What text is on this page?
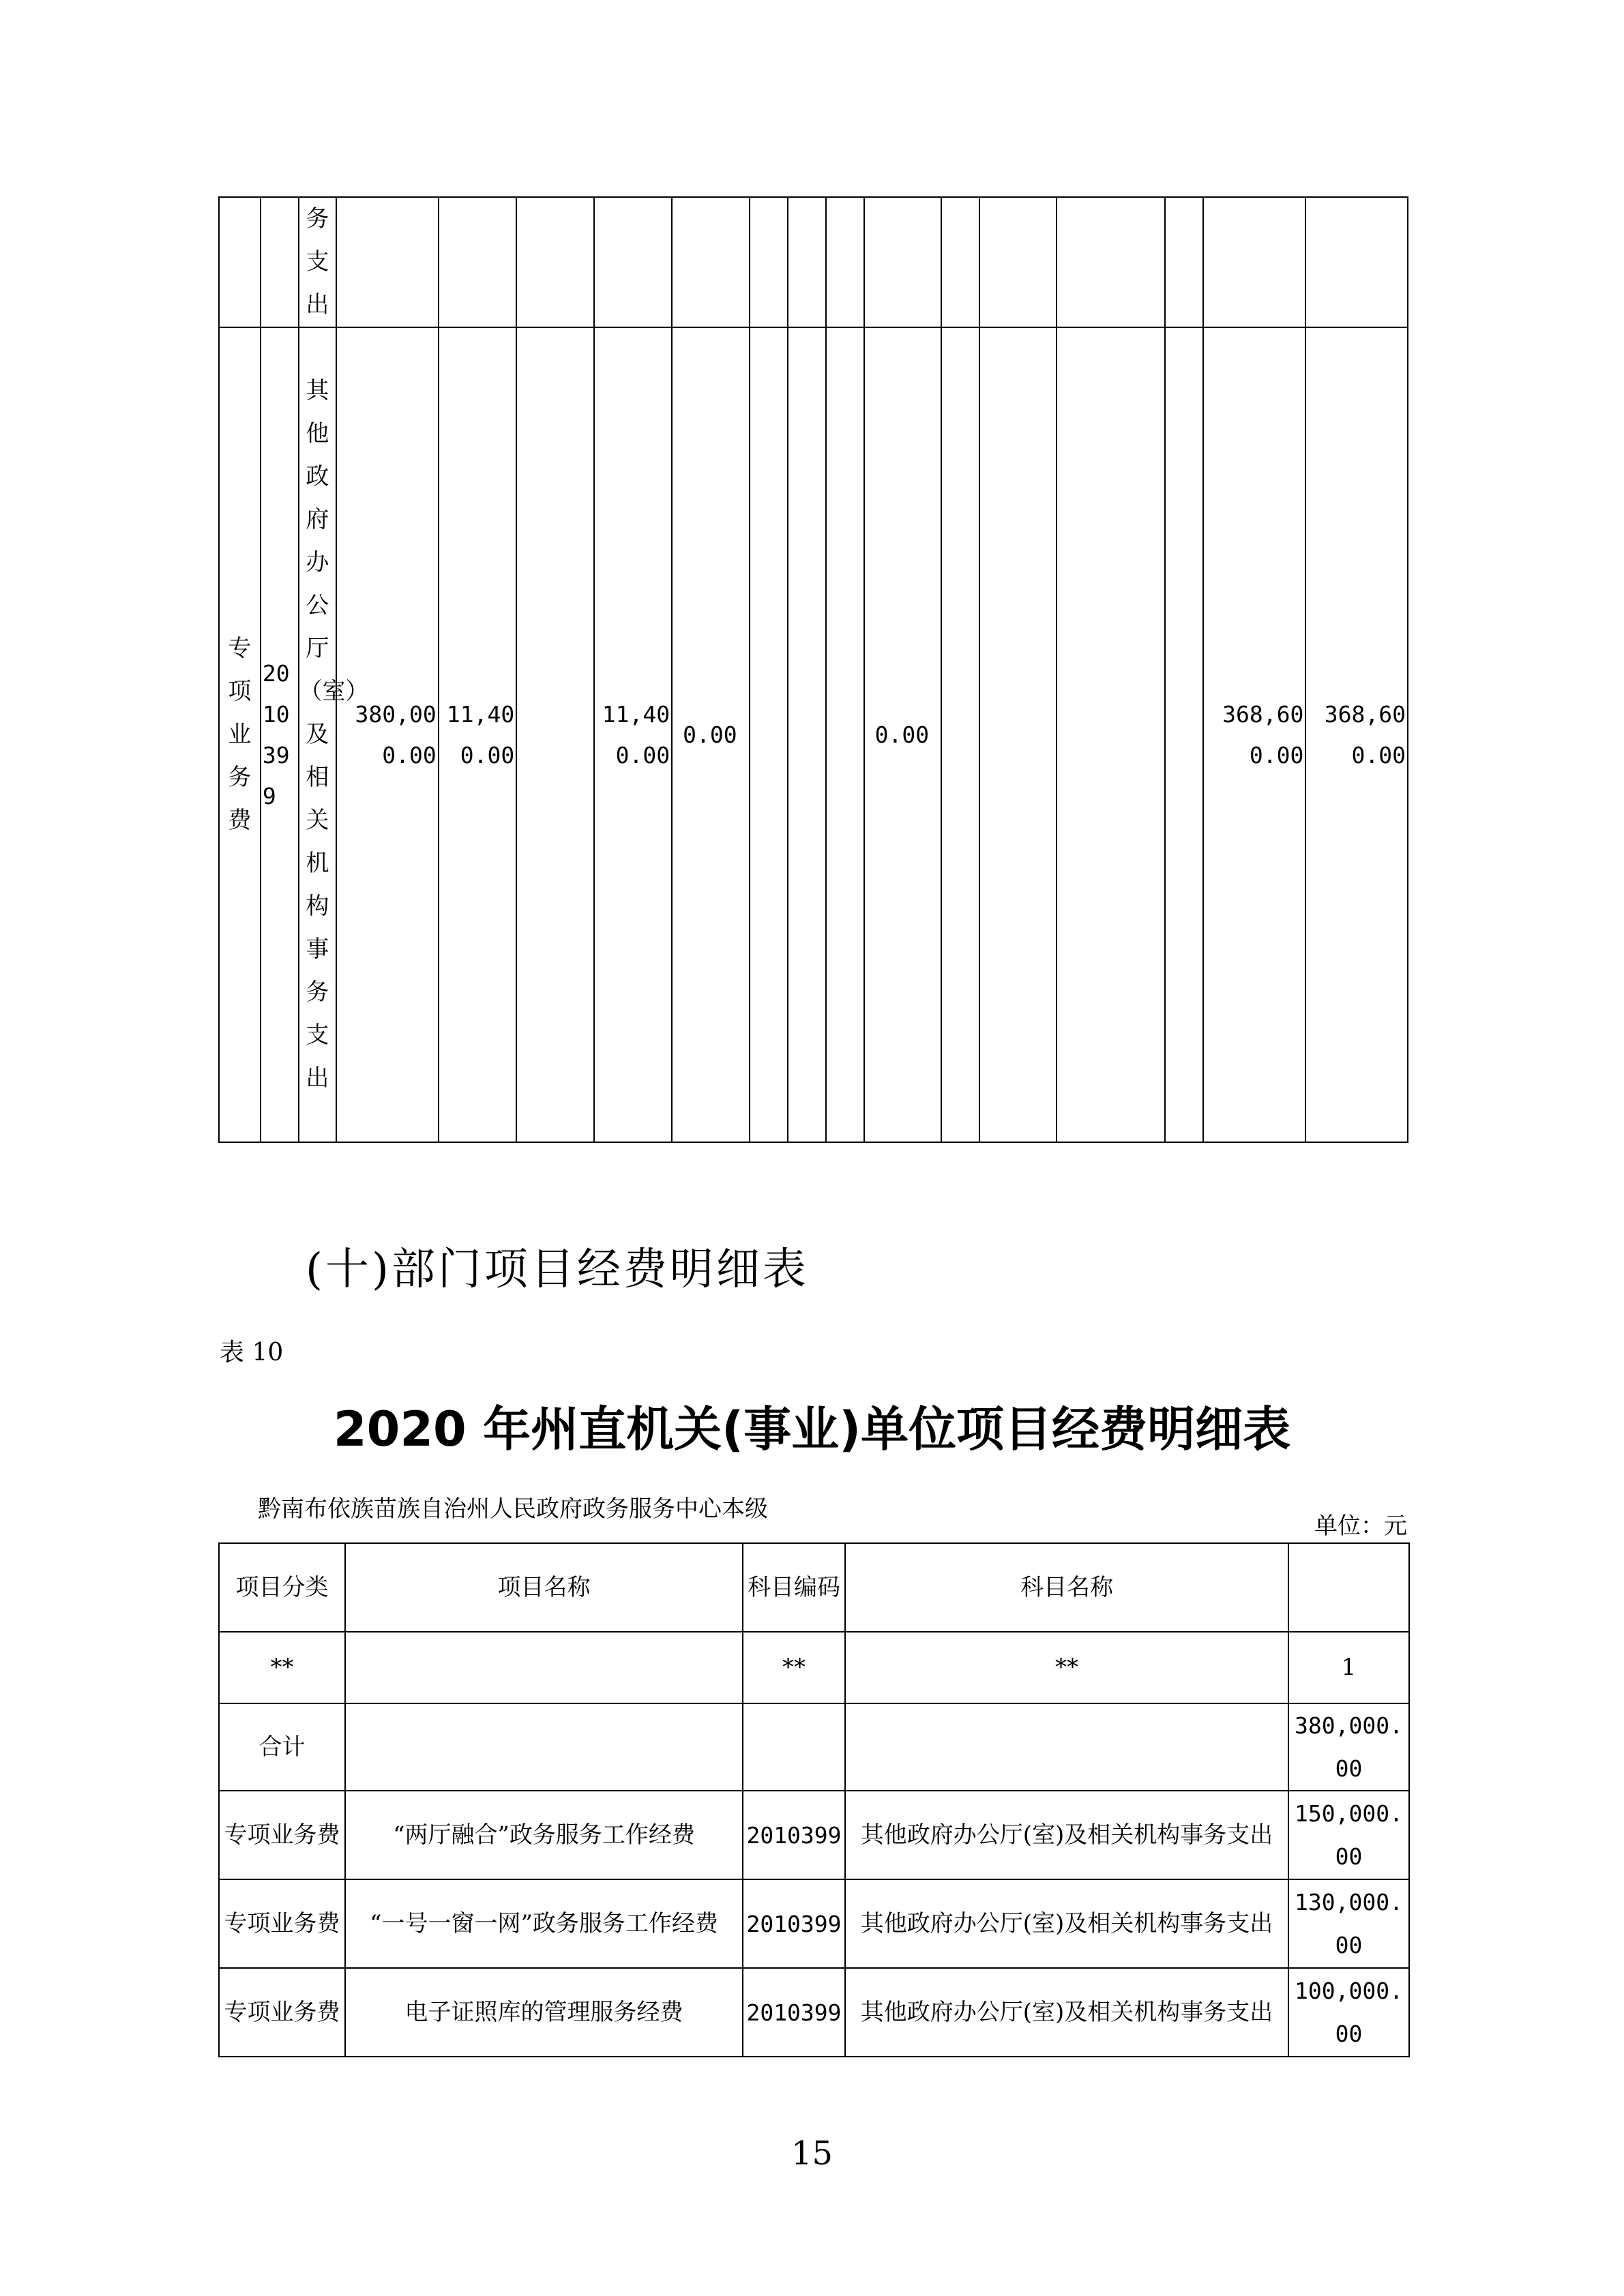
		务支出															
专项业务费	2010399	其他政府办公厅（室）及相关机构事务支出	380,000.00	11,400.00		11,400.00	0.00				0.00					368,600.00	368,600.00
(十)部门项目经费明细表
表 10
2020 年州直机关(事业)单位项目经费明细表
黔南布依族苗族自治州人民政府政务服务中心本级
单位：元
项目分类	项目名称	科目编码	科目名称	
**		**	**	1
合计				380,000.00
专项业务费	“两厅融合”政务服务工作经费	2010399	其他政府办公厅(室)及相关机构事务支出	150,000.00
专项业务费	“一号一窗一网”政务服务工作经费	2010399	其他政府办公厅(室)及相关机构事务支出	130,000.00
专项业务费	电子证照库的管理服务经费	2010399	其他政府办公厅(室)及相关机构事务支出	100,000.00
15
